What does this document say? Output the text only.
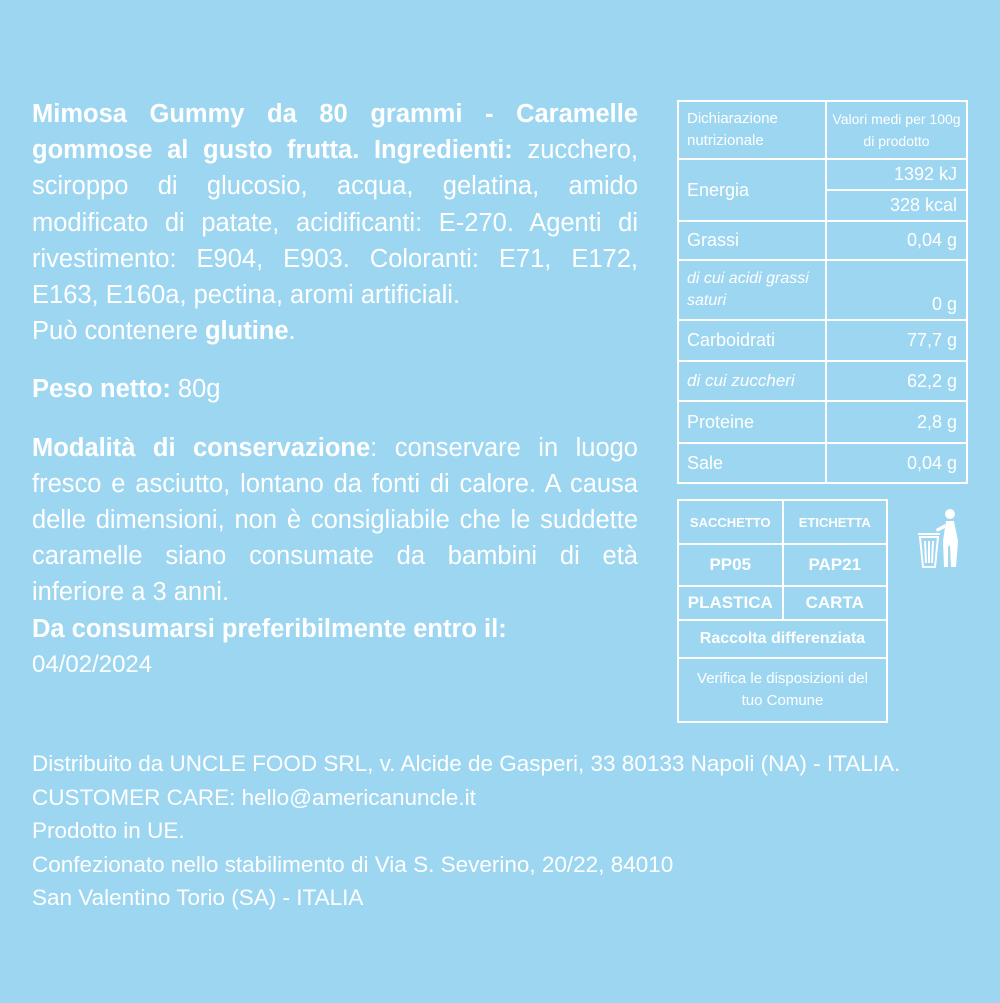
Mimosa Gummy da 80 grammi - Caramelle gommose al gusto frutta. Ingredienti: zucchero, sciroppo di glucosio, acqua, gelatina, amido modificato di patate, acidificanti: E-270. Agenti di rivestimento: E904, E903. Coloranti: E71, E172, E163, E160a, pectina, aromi artificiali.
Può contenere glutine.

Peso netto: 80g

Modalità di conservazione: conservare in luogo fresco e asciutto, lontano da fonti di calore. A causa delle dimensioni, non è consigliabile che le suddette caramelle siano consumate da bambini di età inferiore a 3 anni.
Da consumarsi preferibilmente entro il:

04/02/2024

Dichiarazione nutrizionale	Valori medi per 100g di prodotto
Energia	1392 kJ
	328 kcal
Grassi	0,04 g
di cui acidi grassi saturi	0 g
Carboidrati	77,7 g
di cui zuccheri	62,2 g
Proteine	2,8 g
Sale	0,04 g
SACCHETTO	ETICHETTA
PP05	PAP21
PLASTICA	CARTA
Raccolta differenziata
Verifica le disposizioni del tuo Comune

Distribuito da UNCLE FOOD SRL, v. Alcide de Gasperi, 33 80133 Napoli (NA) - ITALIA. CUSTOMER CARE: hello@americanuncle.it

Prodotto in UE.

Confezionato nello stabilimento di Via S. Severino, 20/22, 84010

San Valentino Torio (SA) - ITALIA
